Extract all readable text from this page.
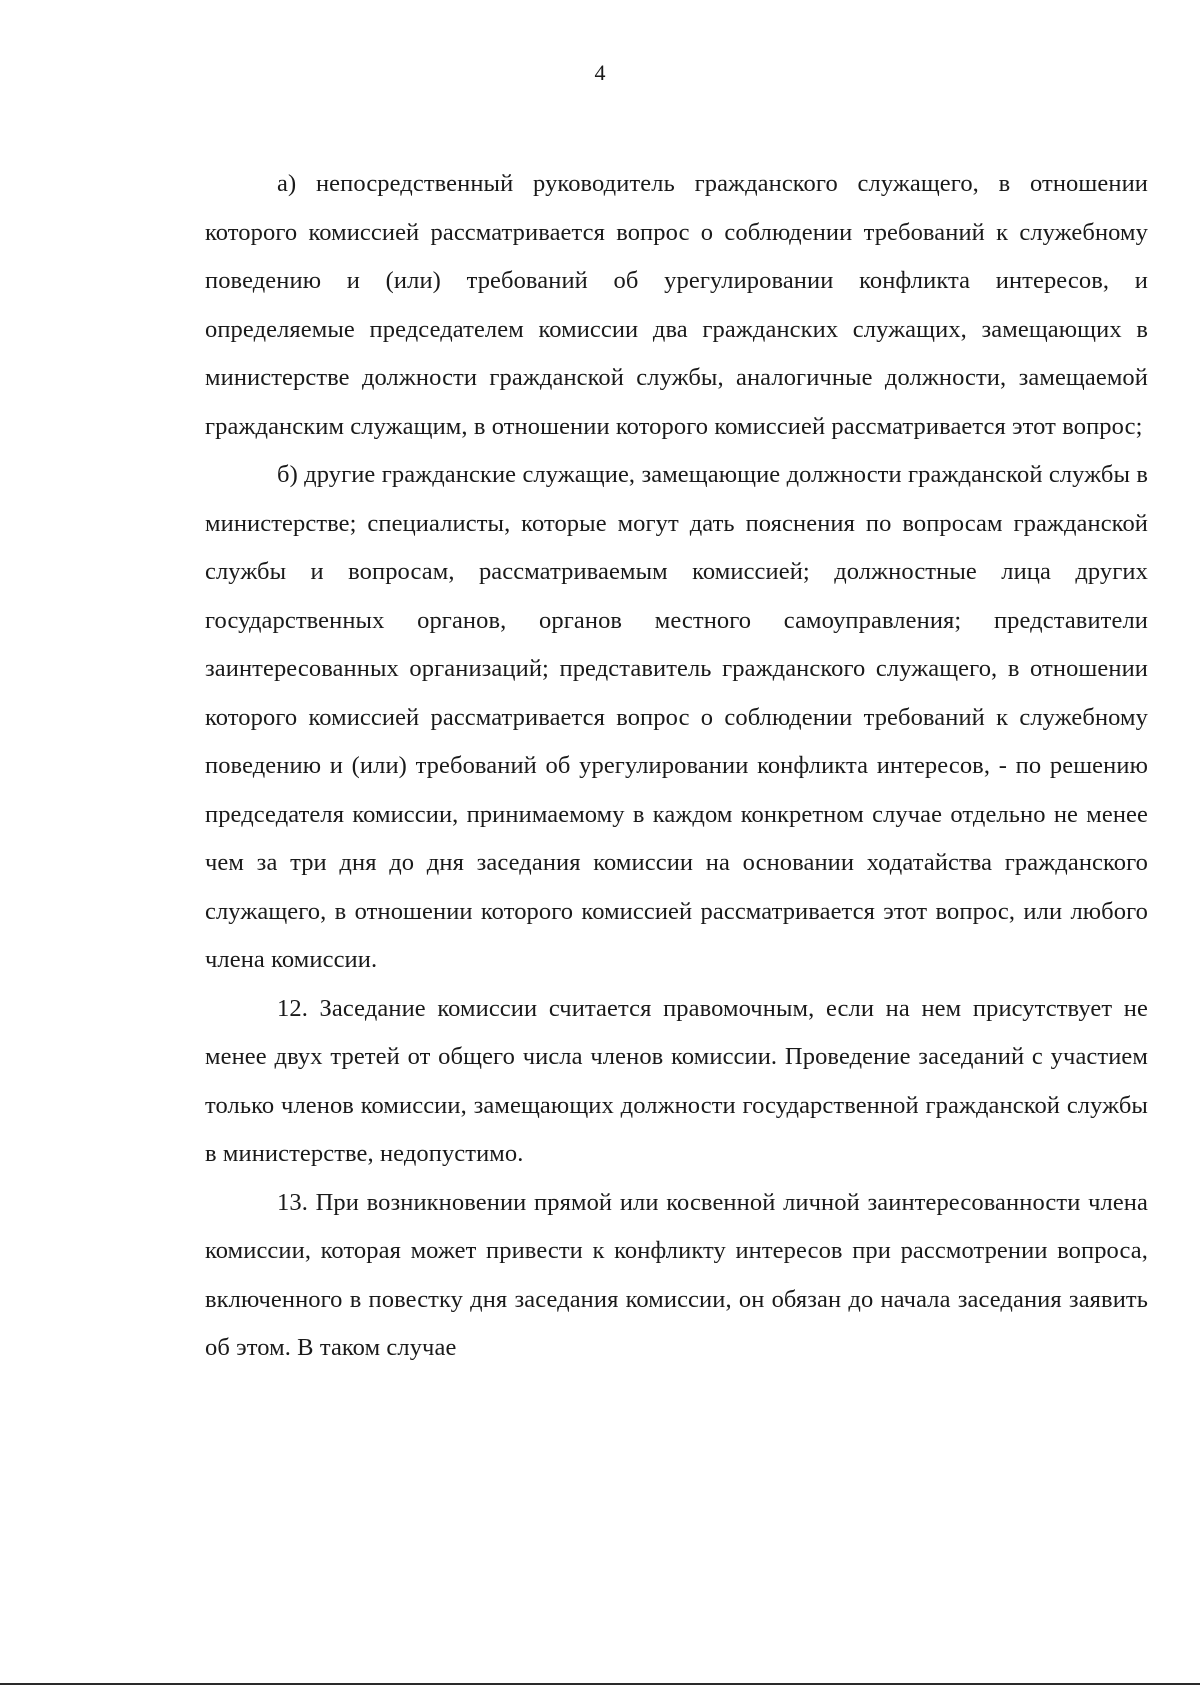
4

а) непосредственный руководитель гражданского служащего, в отношении которого комиссией рассматривается вопрос о соблюдении требований к служебному поведению и (или) требований об урегулировании конфликта интересов, и определяемые председателем комиссии два гражданских служащих, замещающих в министерстве должности гражданской службы, аналогичные должности, замещаемой гражданским служащим, в отношении которого комиссией рассматривается этот вопрос;

б) другие гражданские служащие, замещающие должности гражданской службы в министерстве; специалисты, которые могут дать пояснения по вопросам гражданской службы и вопросам, рассматриваемым комиссией; должностные лица других государственных органов, органов местного самоуправления; представители заинтересованных организаций; представитель гражданского служащего, в отношении которого комиссией рассматривается вопрос о соблюдении требований к служебному поведению и (или) требований об урегулировании конфликта интересов, - по решению председателя комиссии, принимаемому в каждом конкретном случае отдельно не менее чем за три дня до дня заседания комиссии на основании ходатайства гражданского служащего, в отношении которого комиссией рассматривается этот вопрос, или любого члена комиссии.

12. Заседание комиссии считается правомочным, если на нем присутствует не менее двух третей от общего числа членов комиссии. Проведение заседаний с участием только членов комиссии, замещающих должности государственной гражданской службы в министерстве, недопустимо.

13. При возникновении прямой или косвенной личной заинтересованности члена комиссии, которая может привести к конфликту интересов при рассмотрении вопроса, включенного в повестку дня заседания комиссии, он обязан до начала заседания заявить об этом. В таком случае
